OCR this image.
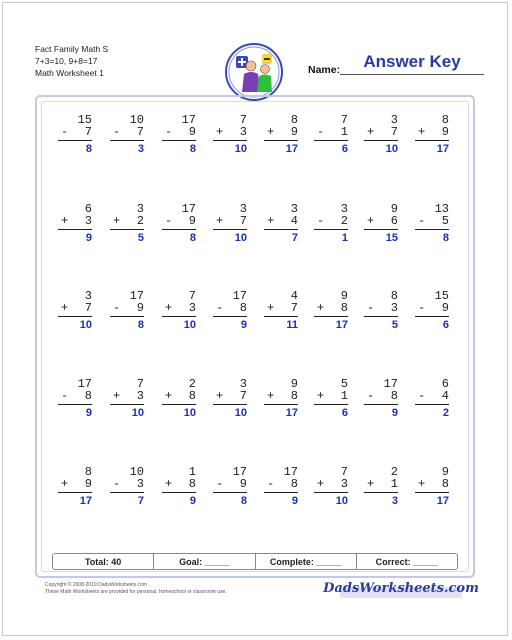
Fact Family Math S
7+3=10, 9+8=17
Math Worksheet 1	Name:	Answer Key
15
- 7
8
10
- 7
3
17
- 9
8
7
+ 3
10
8
+ 9
17
7
- 1
6
3
+ 7
10
8
+ 9
17
6
+ 3
9
3
+ 2
5
17
- 9
8
3
+ 7
10
3
+ 4
7
3
- 2
1
9
+ 6
15
13
- 5
8
3
+ 7
10
17
- 9
8
7
+ 3
10
17
- 8
9
4
+ 7
11
9
+ 8
17
8
- 3
5
15
- 9
6
17
- 8
9
7
+ 3
10
2
+ 8
10
3
+ 7
10
9
+ 8
17
5
+ 1
6
17
- 8
9
6
- 4
2
8
+ 9
17
10
- 3
7
1
+ 8
9
17
- 9
8
17
- 8
9
7
+ 3
10
2
+ 1
3
9
+ 8
17
Total: 40	Goal: _____	Complete: _____	Correct: _____
Copyright © 2008-2019 DadsWorksheets.com
These Math Worksheets are provided for personal, homeschool or classroom use.	DadsWorksheets.com
